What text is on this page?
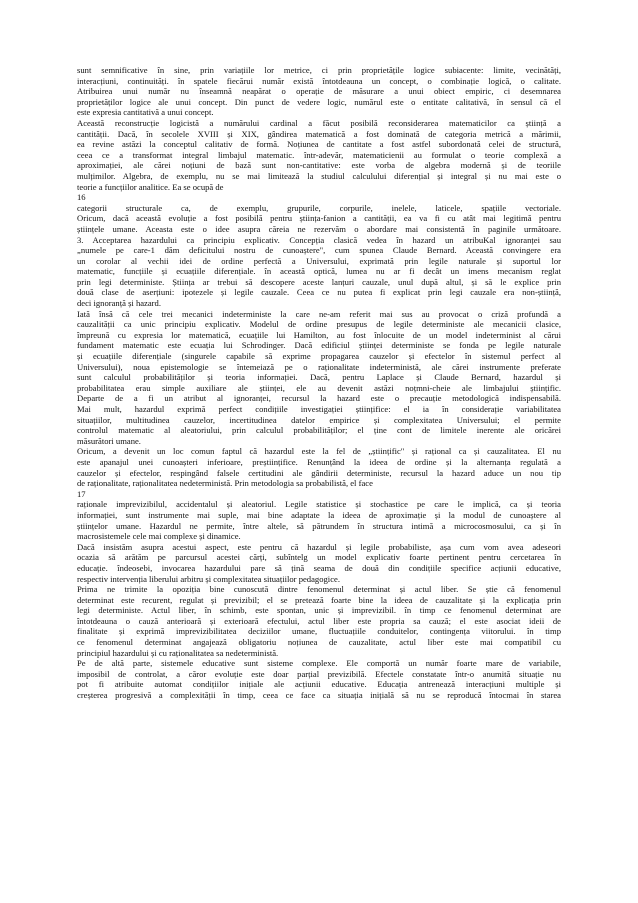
sunt semnificative în sine, prin variațiile lor metrice, ci prin proprietățile logice subiacente: limite, vecinătăți,

interacțiuni, continuități. în spatele fiecărui număr există întotdeauna un concept, o combinație logică, o calitate.

Atribuirea unui număr nu înseamnă neapărat o operație de măsurare a unui obiect empiric, ci desemnarea

proprietăților logice ale unui concept. Din punct de vedere logic, numărul este o entitate calitativă, în sensul că el

este expresia cantitativă a unui concept.

Această reconstrucție logicistă a numărului cardinal a făcut posibilă reconsiderarea matematicilor ca știință a

cantității. Dacă, în secolele XVIII și XIX, gândirea matematică a fost dominată de categoria metrică a mărimii,

ea revine astăzi la conceptul calitativ de formă. Noțiunea de cantitate a fost astfel subordonată celei de structură,

ceea ce a transformat integral limbajul matematic. într-adevăr, matematicienii au formulat o teorie complexă a

aproximației, ale cărei noțiuni de bază sunt non-cantitative: este vorba de algebra modernă și de teoriile

mulțimilor. Algebra, de exemplu, nu se mai limitează la studiul calculului diferențial și integral și nu mai este o

teorie a funcțiilor analitice. Ea se ocupă de

16

categorii structurale ca, de exemplu, grupurile, corpurile, inelele, laticele, spațiile vectoriale.

Oricum, dacă această evoluție a fost posibilă pentru știința-fanion a cantității, ea va fi cu atât mai legitimă pentru

științele umane. Aceasta este o idee asupra căreia ne rezervăm o abordare mai consistentă în paginile următoare.

3. Acceptarea hazardului ca principiu explicativ. Concepția clasică vedea în hazard un atribuKal ignoranței sau

„numele pe care-1 dăm deficitului nostru de cunoaștere", cum spunea Claude Bernard. Această convingere era

un corolar al vechii idei de ordine perfectă a Universului, exprimată prin legile naturale și suportul lor

matematic, funcțiile și ecuațiile diferențiale. în această optică, lumea nu ar fi decât un imens mecanism reglat

prin legi deterministe. Știința ar trebui să descopere aceste lanțuri cauzale, unul după altul, și să le explice prin

două clase de aserțiuni: ipotezele și legile cauzale. Ceea ce nu putea fi explicat prin legi cauzale era non-știință,

deci ignoranță și hazard.

Iată însă că cele trei mecanici indeterministe la care ne-am referit mai sus au provocat o criză profundă a

cauzalității ca unic principiu explicativ. Modelul de ordine presupus de legile deterministe ale mecanicii clasice,

împreună cu expresia lor matematică, ecuațiile lui Hamilton, au fost înlocuite de un model indeterminist al cărui

fundament matematic este ecuația lui Schrodinger. Dacă edificiul științei deterministe se fonda pe legile naturale

și ecuațiile diferențiale (singurele capabile să exprime propagarea cauzelor și efectelor în sistemul perfect al

Universului), noua epistemologie se întemeiază pe o raționalitate indeterministă, ale cărei instrumente preferate

sunt calculul probabilităților și teoria informației. Dacă, pentru Laplace și Claude Bernard, hazardul și

probabilitatea erau simple auxiliare ale științei, ele au devenit astăzi noțmni-cheie ale limbajului științific.

Departe de a fi un atribut al ignoranței, recursul la hazard este o precauție metodologică indispensabilă.

Mai mult, hazardul exprimă perfect condițiile investigației științifice: el ia în considerație variabilitatea

situațiilor, multitudinea cauzelor, incertitudinea datelor empirice și complexitatea Universului; el permite

controlul matematic al aleatoriului, prin calculul probabilităților; el ține cont de limitele inerente ale oricărei

măsurători umane.

Oricum, a devenit un loc comun faptul că hazardul este la fel de „științific" și rațional ca și cauzalitatea. El nu

este apanajul unei cunoașteri inferioare, preștiințifice. Renunțând la ideea de ordine și la alternanța regulată a

cauzelor și efectelor, respingând falsele certitudini ale gândirii deterministe, recursul la hazard aduce un nou tip

de raționalitate, raționalitatea nedeterministă. Prin metodologia sa probabilistă, el face

17

raționale imprevizibilul, accidentalul și aleatoriul. Legile statistice și stochastice pe care le implică, ca și teoria

informației, sunt instrumente mai suple, mai bine adaptate la ideea de aproximație și la modul de cunoaștere al

științelor umane. Hazardul ne permite, între altele, să pătrundem în structura intimă a microcosmosului, ca și în

macrosistemele cele mai complexe și dinamice.

Dacă insistăm asupra acestui aspect, este pentru că hazardul și legile probabiliste, așa cum vom avea adeseori

ocazia să arătăm pe parcursul acestei cărți, subîntelg un model explicativ foarte pertinent pentru cercetarea în

educație. îndeosebi, invocarea hazardului pare să țină seama de două din condițiile specifice acțiunii educative,

respectiv intervenția liberului arbitru și complexitatea situațiilor pedagogice.

Prima ne trimite la opoziția bine cunoscută dintre fenomenul determinat și actul liber. Se știe că fenomenul

determinat este recurent, regulat și previzibil; el se pretează foarte bine la ideea de cauzalitate și la explicația prin

legi deterministe. Actul liber, în schimb, este spontan, unic și imprevizibil. în timp ce fenomenul determinat are

întotdeauna o cauză anterioară și exterioară efectului, actul liber este propria sa cauză; el este asociat ideii de

finalitate și exprimă imprevizibilitatea deciziilor umane, fluctuațiile conduitelor, contingența viitorului. în timp

ce fenomenul determinat angajează obligatoriu noțiunea de cauzalitate, actul liber este mai compatibil cu

principiul hazardului și cu raționalitatea sa nedeterministă.

Pe de altă parte, sistemele educative sunt sisteme complexe. Ele comportă un număr foarte mare de variabile,

imposibil de controlat, a căror evoluție este doar parțial previzibilă. Efectele constatate într-o anumită situație nu

pot fi atribuite automat condițiilor inițiale ale acțiunii educative. Educația antrenează interacțiuni multiple și

creșterea progresivă a complexității în timp, ceea ce face ca situația inițială să nu se reproducă întocmai în starea
